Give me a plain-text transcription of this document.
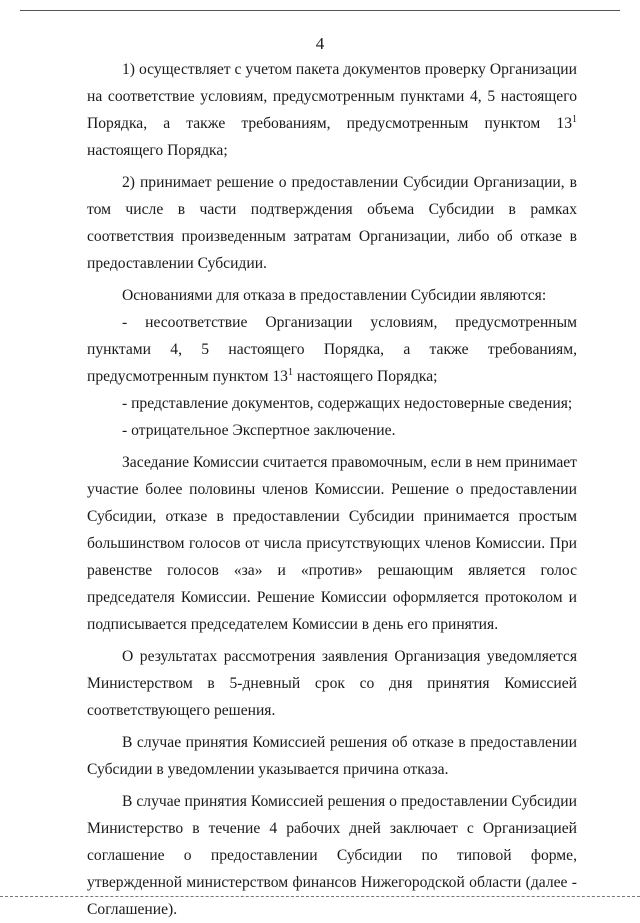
4

1) осуществляет с учетом пакета документов проверку Организации на соответствие условиям, предусмотренным пунктами 4, 5 настоящего Порядка, а также требованиям, предусмотренным пунктом $13^1$ настоящего Порядка;

2) принимает решение о предоставлении Субсидии Организации, в том числе в части подтверждения объема Субсидии в рамках соответствия произведенным затратам Организации, либо об отказе в предоставлении Субсидии.

Основаниями для отказа в предоставлении Субсидии являются:

- несоответствие Организации условиям, предусмотренным пунктами 4, 5 настоящего Порядка, а также требованиям, предусмотренным пунктом $13^1$ настоящего Порядка;

- представление документов, содержащих недостоверные сведения;

- отрицательное Экспертное заключение.

Заседание Комиссии считается правомочным, если в нем принимает участие более половины членов Комиссии. Решение о предоставлении Субсидии, отказе в предоставлении Субсидии принимается простым большинством голосов от числа присутствующих членов Комиссии. При равенстве голосов «за» и «против» решающим является голос председателя Комиссии. Решение Комиссии оформляется протоколом и подписывается председателем Комиссии в день его принятия.

О результатах рассмотрения заявления Организация уведомляется Министерством в 5-дневный срок со дня принятия Комиссией соответствующего решения.

В случае принятия Комиссией решения об отказе в предоставлении Субсидии в уведомлении указывается причина отказа.

В случае принятия Комиссией решения о предоставлении Субсидии Министерство в течение 4 рабочих дней заключает с Организацией соглашение о предоставлении Субсидии по типовой форме, утвержденной министерством финансов Нижегородской области (далее - Соглашение).
